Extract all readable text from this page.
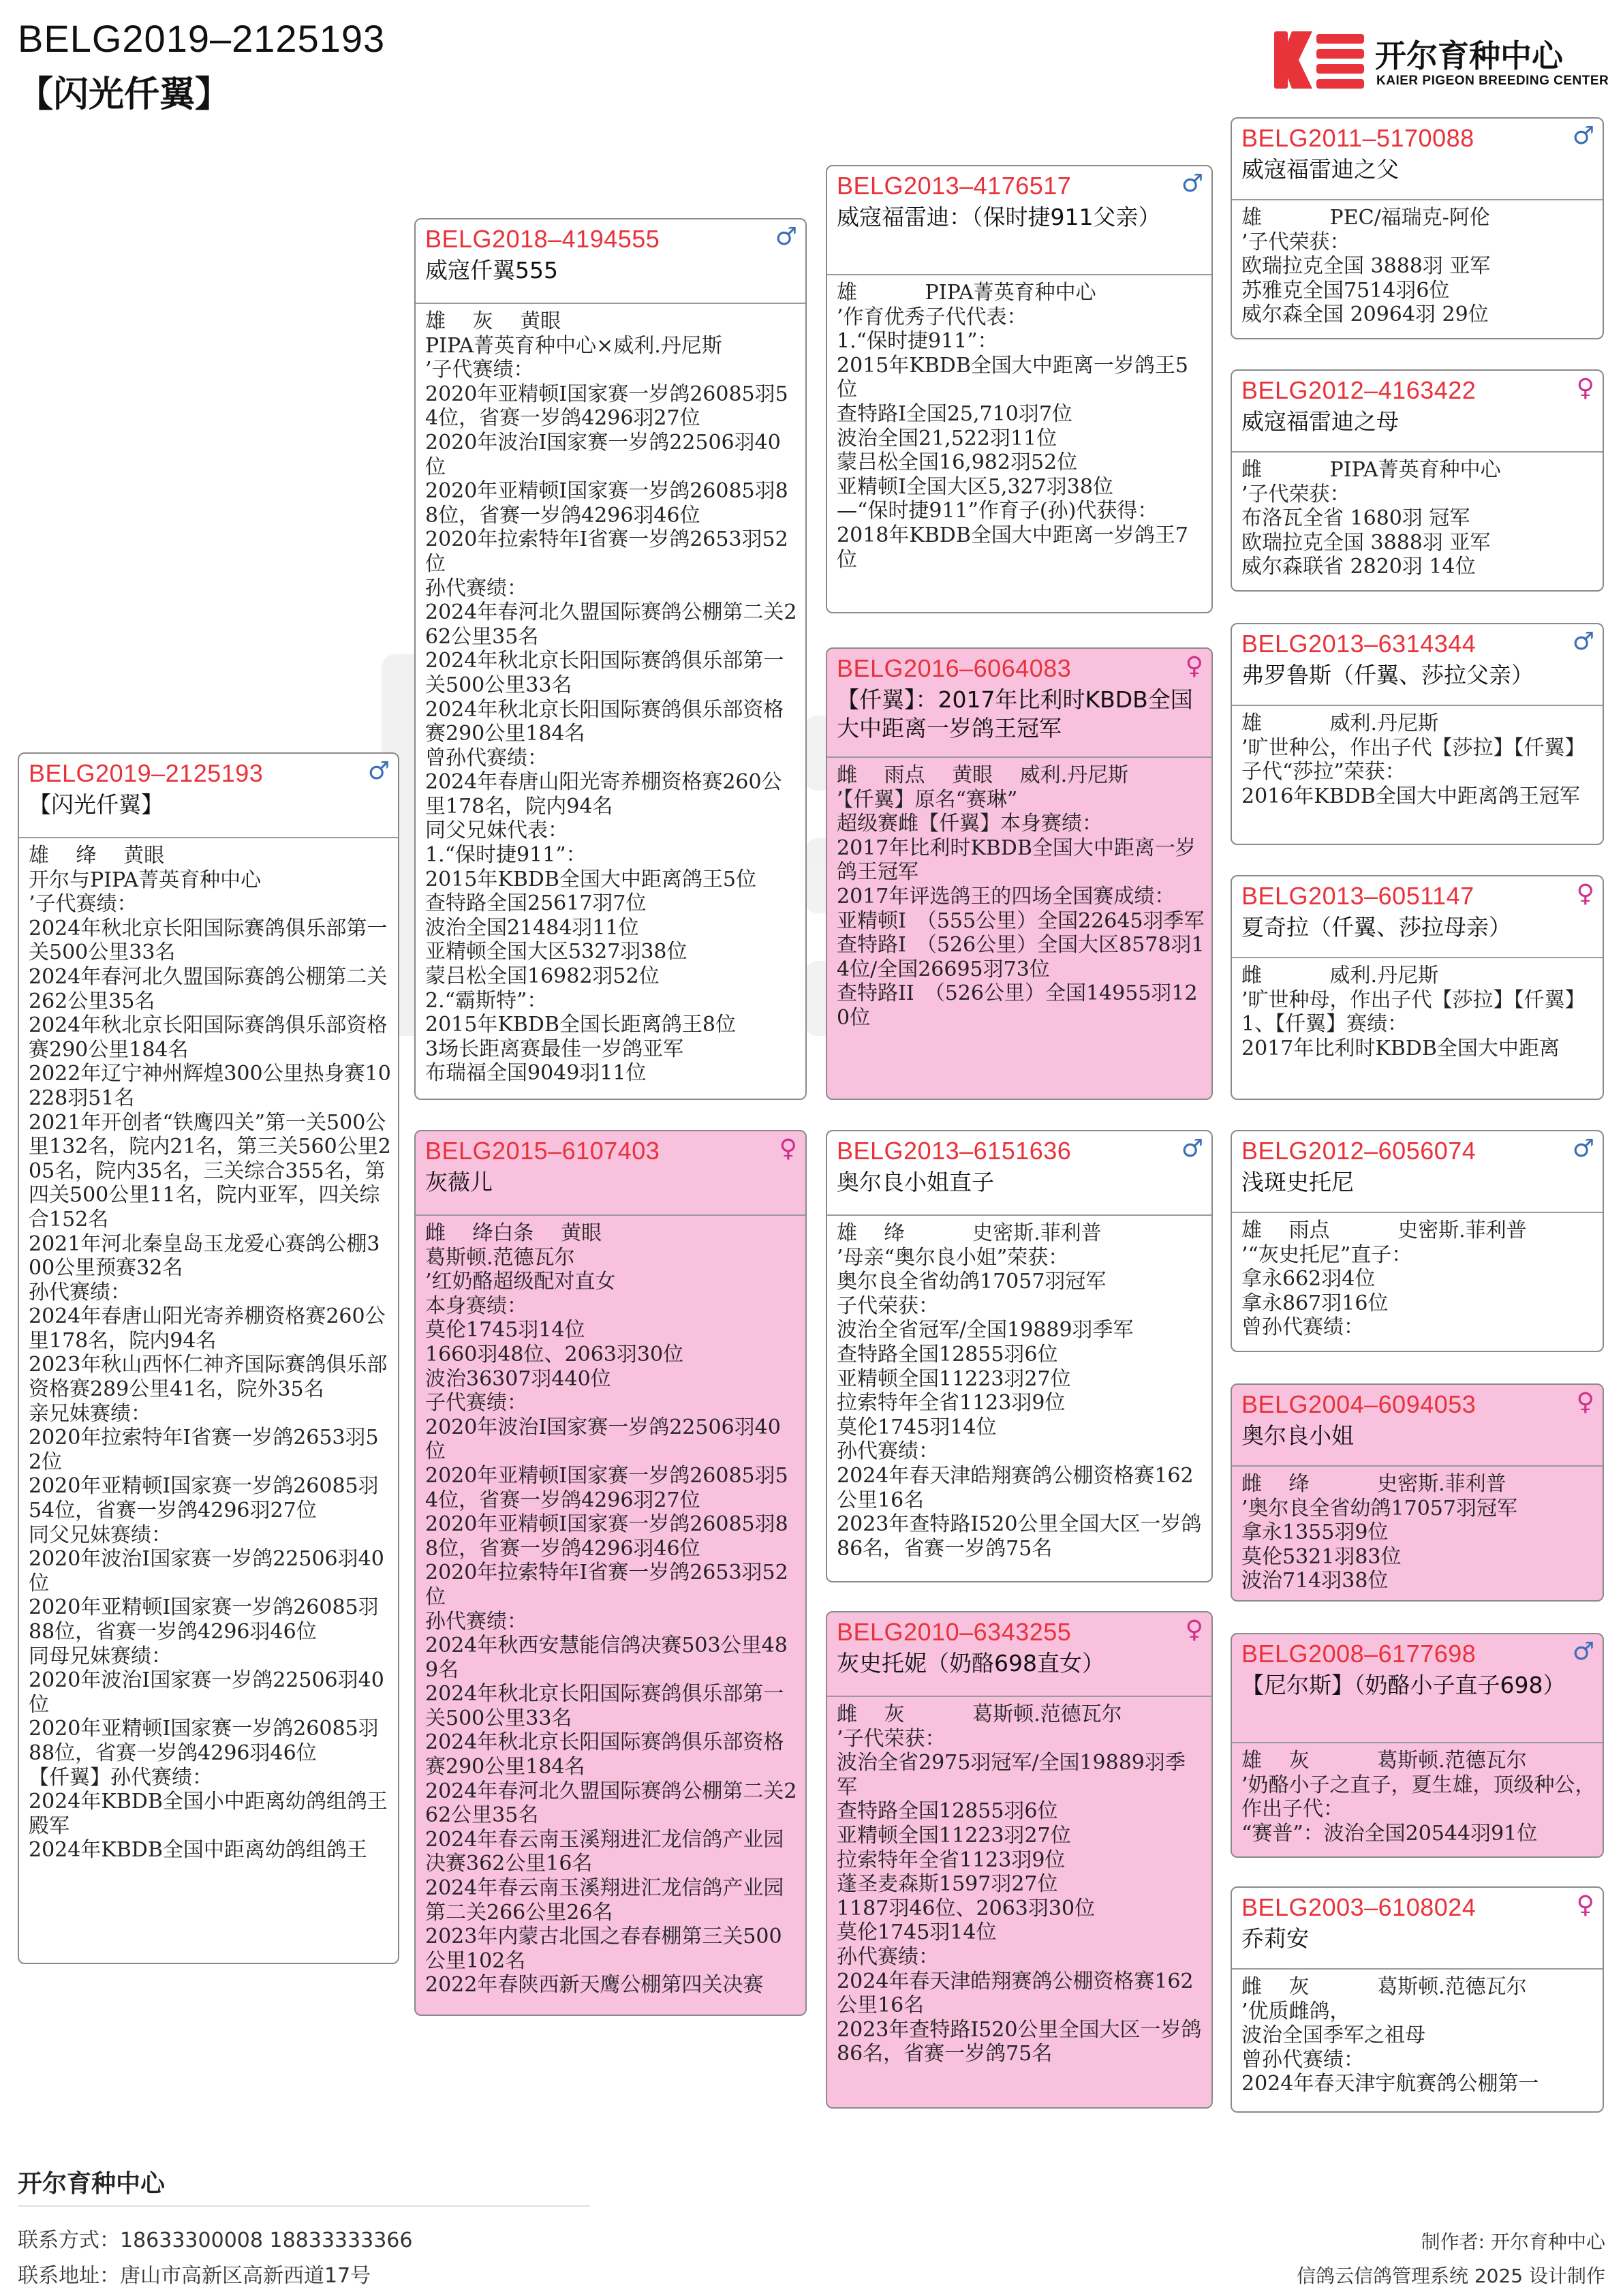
BELG2019–2125193
【闪光仟翼】
开尔育种中心
KAIER PIGEON BREEDING CENTER
BELG2019–2125193	♂
【闪光仟翼】
雄　 绛　 黄眼
开尔与PIPA菁英育种中心
’子代赛绩：
2024年秋北京长阳国际赛鸽俱乐部第一关500公里33名
2024年春河北久盟国际赛鸽公棚第二关262公里35名
2024年秋北京长阳国际赛鸽俱乐部资格赛290公里184名
2022年辽宁神州辉煌300公里热身赛10228羽51名
2021年开创者“铁鹰四关”第一关500公里132名，院内21名，第三关560公里205名，院内35名，三关综合355名，第四关500公里11名，院内亚军，四关综合152名
2021年河北秦皇岛玉龙爱心赛鸽公棚300公里预赛32名
孙代赛绩：
2024年春唐山阳光寄养棚资格赛260公里178名，院内94名
2023年秋山西怀仁神齐国际赛鸽俱乐部资格赛289公里41名，院外35名
亲兄妹赛绩：
2020年拉索特年I省赛一岁鸽2653羽52位
2020年亚精顿I国家赛一岁鸽26085羽54位，省赛一岁鸽4296羽27位
同父兄妹赛绩：
2020年波治I国家赛一岁鸽22506羽40位
2020年亚精顿I国家赛一岁鸽26085羽88位，省赛一岁鸽4296羽46位
同母兄妹赛绩：
2020年波治I国家赛一岁鸽22506羽40位
2020年亚精顿I国家赛一岁鸽26085羽88位，省赛一岁鸽4296羽46位
【仟翼】孙代赛绩：
2024年KBDB全国小中距离幼鸽组鸽王殿军
2024年KBDB全国中距离幼鸽组鸽王
BELG2018–4194555	♂
威寇仟翼555
雄　 灰　 黄眼
PIPA菁英育种中心×威利.丹尼斯
’子代赛绩：
2020年亚精顿I国家赛一岁鸽26085羽54位，省赛一岁鸽4296羽27位
2020年波治I国家赛一岁鸽22506羽40位
2020年亚精顿I国家赛一岁鸽26085羽88位，省赛一岁鸽4296羽46位
2020年拉索特年I省赛一岁鸽2653羽52位
孙代赛绩：
2024年春河北久盟国际赛鸽公棚第二关262公里35名
2024年秋北京长阳国际赛鸽俱乐部第一关500公里33名
2024年秋北京长阳国际赛鸽俱乐部资格赛290公里184名
曾孙代赛绩：
2024年春唐山阳光寄养棚资格赛260公里178名，院内94名
同父兄妹代表：
1.“保时捷911”：
2015年KBDB全国大中距离鸽王5位
查特路全国25617羽7位
波治全国21484羽11位
亚精顿全国大区5327羽38位
蒙吕松全国16982羽52位
2.“霸斯特”：
2015年KBDB全国长距离鸽王8位
3场长距离赛最佳一岁鸽亚军
布瑞福全国9049羽11位
BELG2015–6107403	♀
灰薇儿
雌　 绛白条　 黄眼
葛斯顿.范德瓦尔
’红奶酪超级配对直女
本身赛绩：
莫伦1745羽14位
1660羽48位、2063羽30位
波治36307羽440位
子代赛绩：
2020年波治I国家赛一岁鸽22506羽40位
2020年亚精顿I国家赛一岁鸽26085羽54位，省赛一岁鸽4296羽27位
2020年亚精顿I国家赛一岁鸽26085羽88位，省赛一岁鸽4296羽46位
2020年拉索特年I省赛一岁鸽2653羽52位
孙代赛绩：
2024年秋西安慧能信鸽决赛503公里489名
2024年秋北京长阳国际赛鸽俱乐部第一关500公里33名
2024年秋北京长阳国际赛鸽俱乐部资格赛290公里184名
2024年春河北久盟国际赛鸽公棚第二关262公里35名
2024年春云南玉溪翔进汇龙信鸽产业园决赛362公里16名
2024年春云南玉溪翔进汇龙信鸽产业园第二关266公里26名
2023年内蒙古北国之春春棚第三关500公里102名
2022年春陕西新天鹰公棚第四关决赛
BELG2013–4176517	♂
威寇福雷迪：（保时捷911父亲）
雄　　　 PIPA菁英育种中心
’作育优秀子代代表：
1.“保时捷911”：
2015年KBDB全国大中距离一岁鸽王5位
查特路I全国25,710羽7位
波治全国21,522羽11位
蒙吕松全国16,982羽52位
亚精顿I全国大区5,327羽38位
—“保时捷911”作育子(孙)代获得：
2018年KBDB全国大中距离一岁鸽王7位
BELG2016–6064083	♀
【仟翼】：2017年比利时KBDB全国大中距离一岁鸽王冠军
雌　 雨点　 黄眼　 威利.丹尼斯
’【仟翼】原名“赛琳”
超级赛雌【仟翼】本身赛绩：
2017年比利时KBDB全国大中距离一岁鸽王冠军
2017年评选鸽王的四场全国赛成绩：
亚精顿I　（555公里）全国22645羽季军
查特路I　（526公里）全国大区8578羽14位/全国26695羽73位
查特路II　（526公里）全国14955羽120位
BELG2013–6151636	♂
奥尔良小姐直子
雄　 绛　　　 史密斯.菲利普
’母亲“奥尔良小姐”荣获：
奥尔良全省幼鸽17057羽冠军
子代荣获：
波治全省冠军/全国19889羽季军
查特路全国12855羽6位
亚精顿全国11223羽27位
拉索特年全省1123羽9位
莫伦1745羽14位
孙代赛绩：
2024年春天津皓翔赛鸽公棚资格赛162公里16名
2023年查特路I520公里全国大区一岁鸽86名，省赛一岁鸽75名
BELG2010–6343255	♀
灰史托妮（奶酪698直女）
雌　 灰　　　 葛斯顿.范德瓦尔
’子代荣获：
波治全省2975羽冠军/全国19889羽季 军
查特路全国12855羽6位
亚精顿全国11223羽27位
拉索特年全省1123羽9位
蓬圣麦森斯1597羽27位
1187羽46位、2063羽30位
莫伦1745羽14位
孙代赛绩：
2024年春天津皓翔赛鸽公棚资格赛162公里16名
2023年查特路I520公里全国大区一岁鸽86名，省赛一岁鸽75名
BELG2011–5170088	♂
威寇福雷迪之父
雄　　　 PEC/福瑞克-阿伦
’子代荣获：
欧瑞拉克全国 3888羽 亚军
苏雅克全国7514羽6位
威尔森全国 20964羽 29位
BELG2012–4163422	♀
威寇福雷迪之母
雌　　　 PIPA菁英育种中心
’子代荣获：
布洛瓦全省 1680羽 冠军
欧瑞拉克全国 3888羽 亚军
威尔森联省 2820羽 14位
BELG2013–6314344	♂
弗罗鲁斯（仟翼、莎拉父亲）
雄　　　 威利.丹尼斯
’旷世种公，作出子代【莎拉】【仟翼】
子代“莎拉”荣获：
2016年KBDB全国大中距离鸽王冠军
BELG2013–6051147	♀
夏奇拉（仟翼、莎拉母亲）
雌　　　 威利.丹尼斯
’旷世种母，作出子代【莎拉】【仟翼】
1、【仟翼】赛绩：
2017年比利时KBDB全国大中距离
BELG2012–6056074	♂
浅斑史托尼
雄　 雨点　　　 史密斯.菲利普
’“灰史托尼”直子：
拿永662羽4位
拿永867羽16位
曾孙代赛绩：
BELG2004–6094053	♀
奥尔良小姐
雌　 绛　　　 史密斯.菲利普
’奥尔良全省幼鸽17057羽冠军
拿永1355羽9位
莫伦5321羽83位
波治714羽38位
BELG2008–6177698	♂
【尼尔斯】（奶酪小子直子698）
雄　 灰　　　 葛斯顿.范德瓦尔
’奶酪小子之直子，夏生雄，顶级种公，作出子代：
“赛普”：波治全国20544羽91位
BELG2003–6108024	♀
乔莉安
雌　 灰　　　 葛斯顿.范德瓦尔
’优质雌鸽，
波治全国季军之祖母
曾孙代赛绩：
2024年春天津宇航赛鸽公棚第一
开尔育种中心
联系方式：18633300008 18833333366
联系地址：唐山市高新区高新西道17号
制作者: 开尔育种中心
信鸽云信鸽管理系统 2025 设计制作
